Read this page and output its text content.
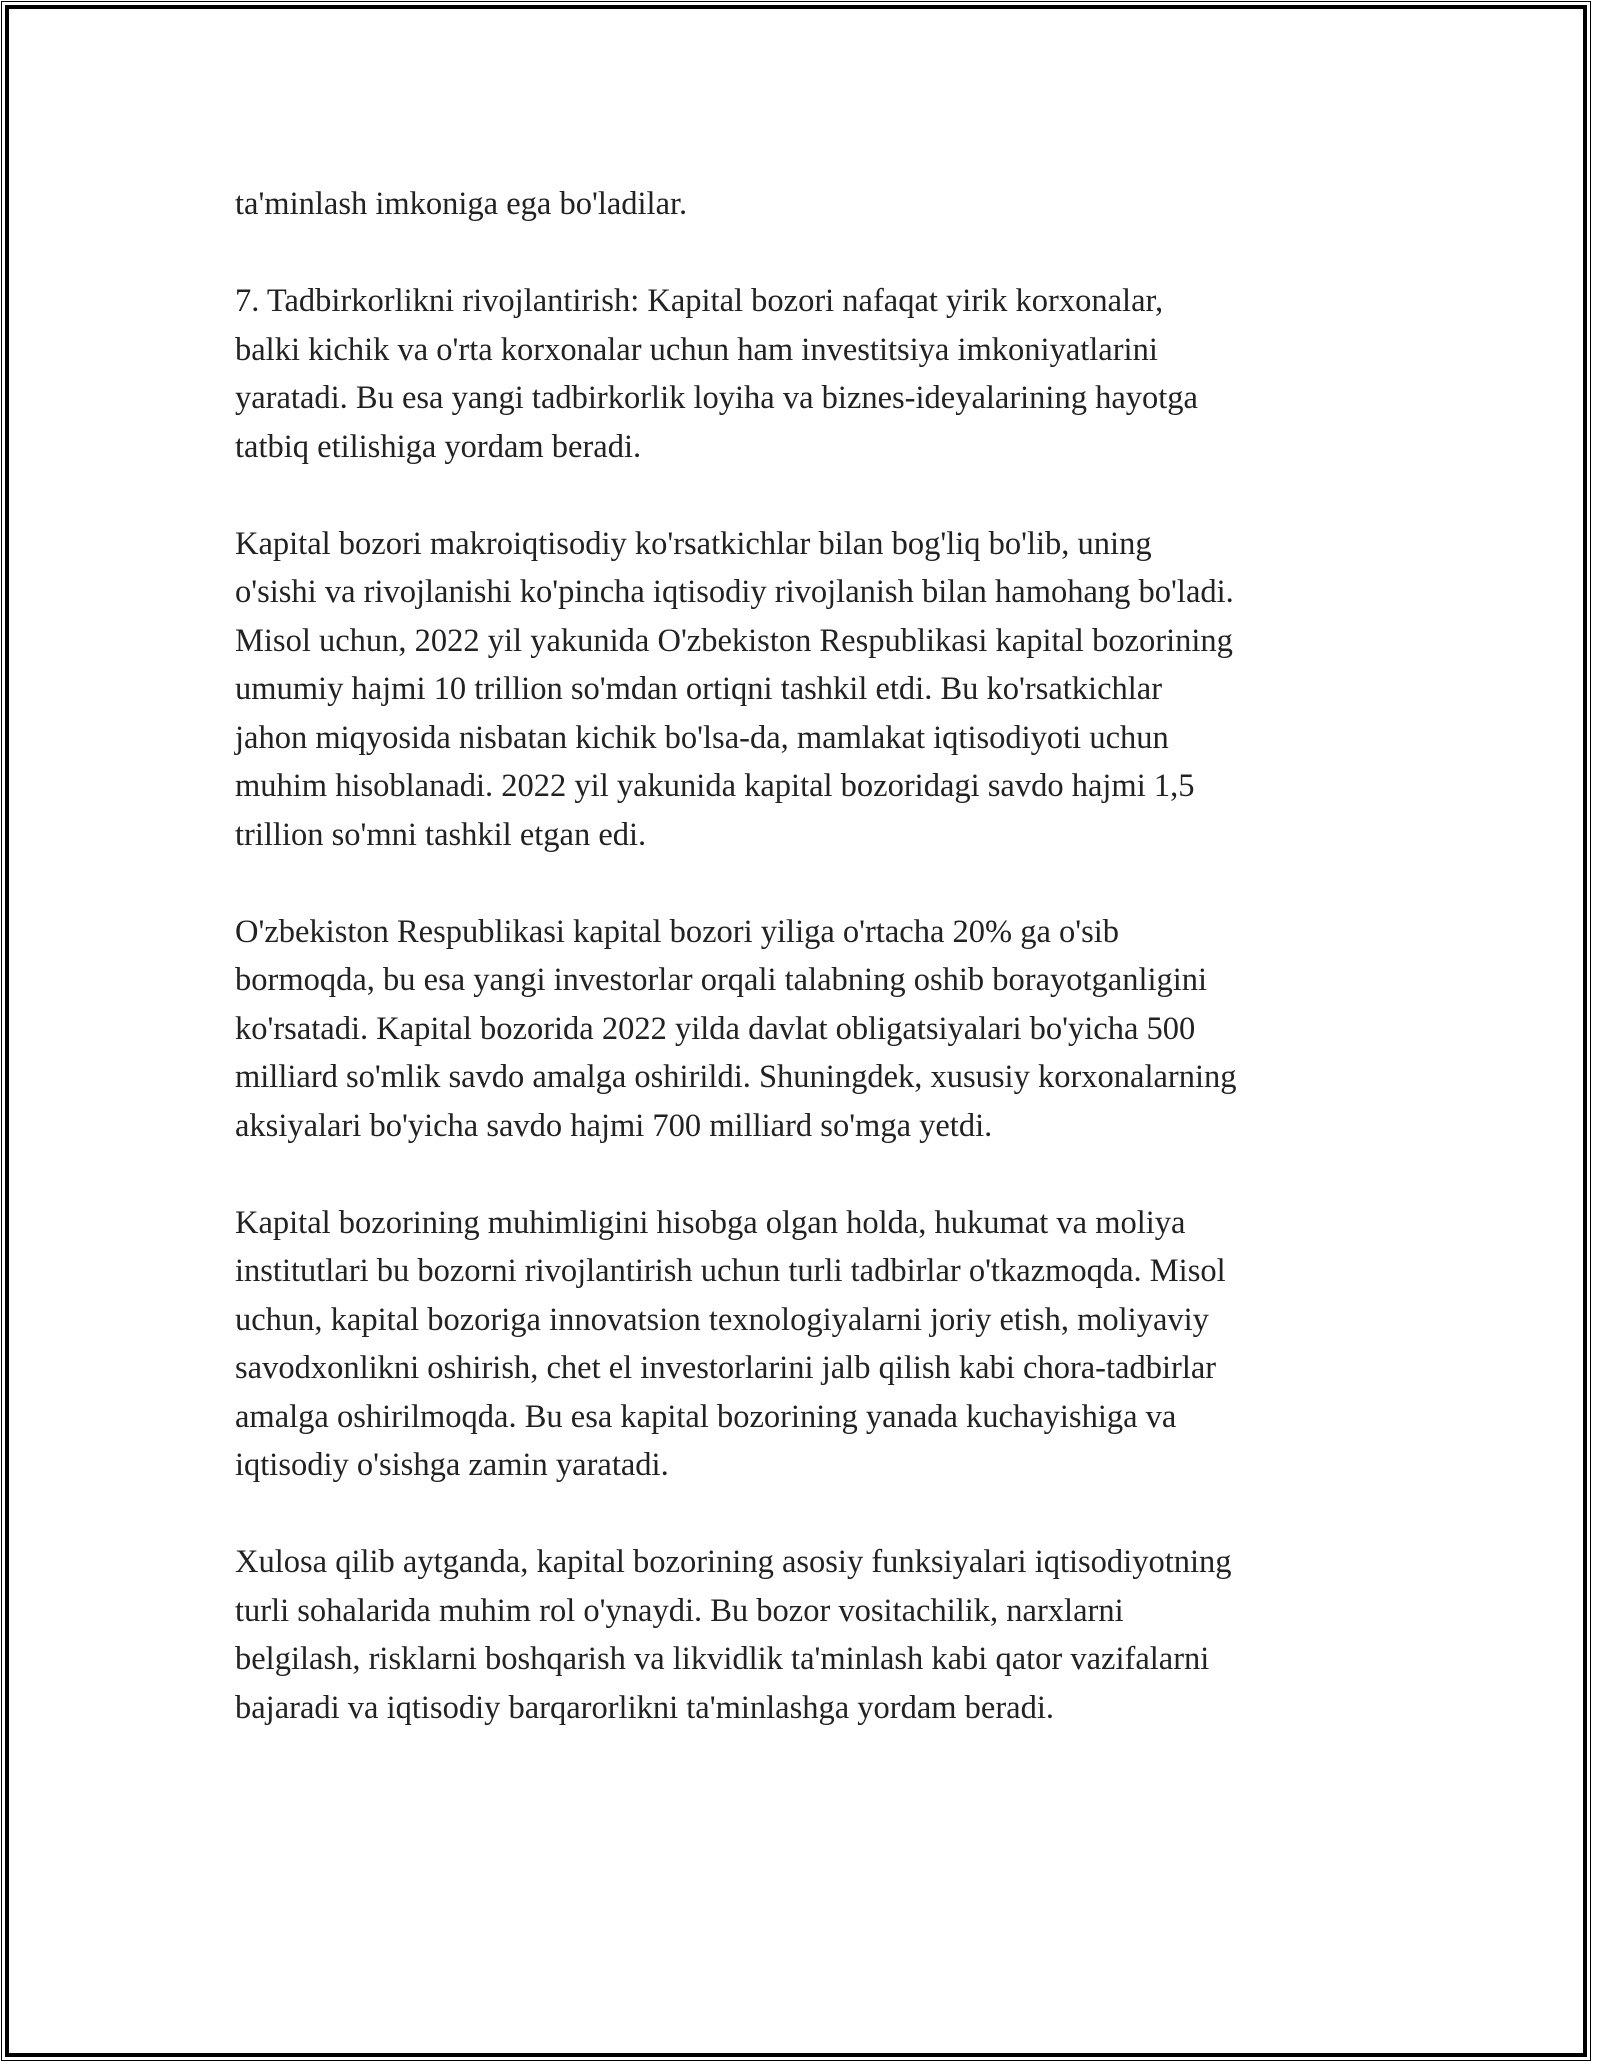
ta'minlash imkoniga ega bo'ladilar.

7. Tadbirkorlikni rivojlantirish: Kapital bozori nafaqat yirik korxonalar,
balki kichik va o'rta korxonalar uchun ham investitsiya imkoniyatlarini
yaratadi. Bu esa yangi tadbirkorlik loyiha va biznes-ideyalarining hayotga
tatbiq etilishiga yordam beradi.

Kapital bozori makroiqtisodiy ko'rsatkichlar bilan bog'liq bo'lib, uning
o'sishi va rivojlanishi ko'pincha iqtisodiy rivojlanish bilan hamohang bo'ladi.
Misol uchun, 2022 yil yakunida O'zbekiston Respublikasi kapital bozorining
umumiy hajmi 10 trillion so'mdan ortiqni tashkil etdi. Bu ko'rsatkichlar
jahon miqyosida nisbatan kichik bo'lsa-da, mamlakat iqtisodiyoti uchun
muhim hisoblanadi. 2022 yil yakunida kapital bozoridagi savdo hajmi 1,5
trillion so'mni tashkil etgan edi.

O'zbekiston Respublikasi kapital bozori yiliga o'rtacha 20% ga o'sib
bormoqda, bu esa yangi investorlar orqali talabning oshib borayotganligini
ko'rsatadi. Kapital bozorida 2022 yilda davlat obligatsiyalari bo'yicha 500
milliard so'mlik savdo amalga oshirildi. Shuningdek, xususiy korxonalarning
aksiyalari bo'yicha savdo hajmi 700 milliard so'mga yetdi.

Kapital bozorining muhimligini hisobga olgan holda, hukumat va moliya
institutlari bu bozorni rivojlantirish uchun turli tadbirlar o'tkazmoqda. Misol
uchun, kapital bozoriga innovatsion texnologiyalarni joriy etish, moliyaviy
savodxonlikni oshirish, chet el investorlarini jalb qilish kabi chora-tadbirlar
amalga oshirilmoqda. Bu esa kapital bozorining yanada kuchayishiga va
iqtisodiy o'sishga zamin yaratadi.

Xulosa qilib aytganda, kapital bozorining asosiy funksiyalari iqtisodiyotning
turli sohalarida muhim rol o'ynaydi. Bu bozor vositachilik, narxlarni
belgilash, risklarni boshqarish va likvidlik ta'minlash kabi qator vazifalarni
bajaradi va iqtisodiy barqarorlikni ta'minlashga yordam beradi.
